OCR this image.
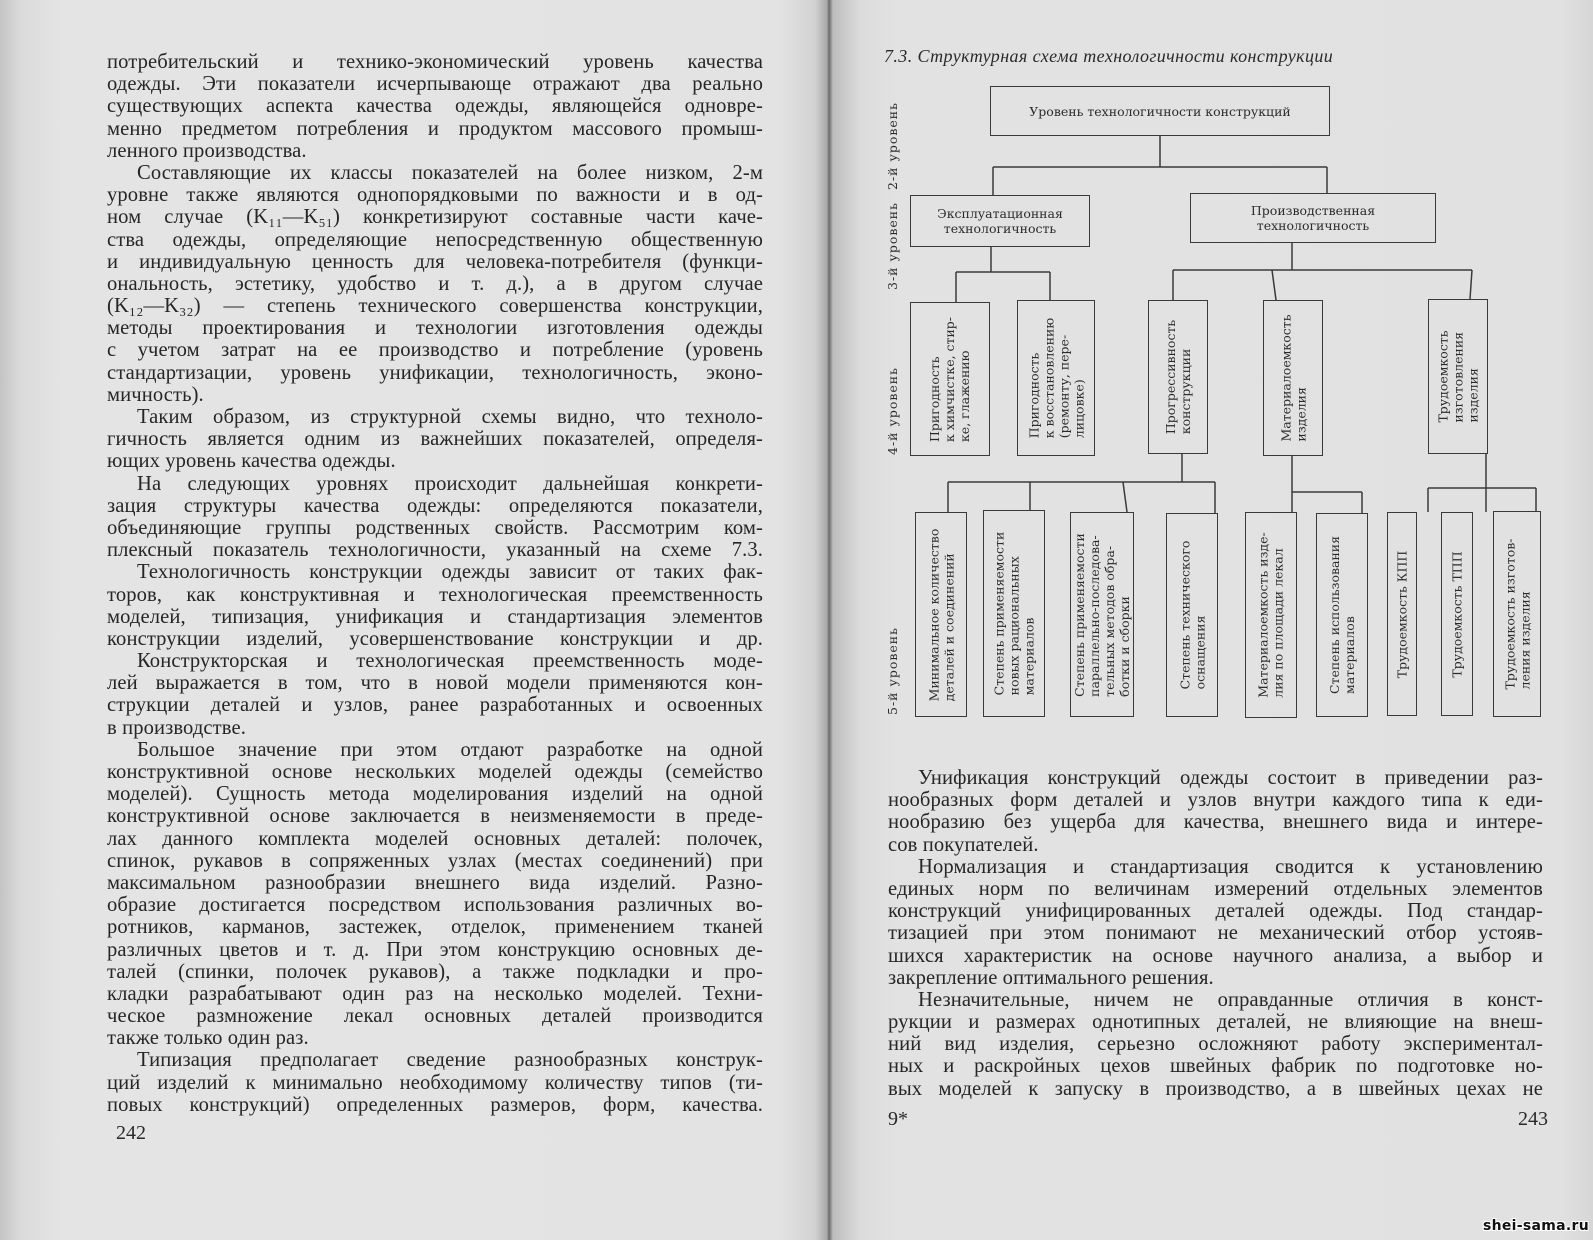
потребительский и технико-экономический уровень качества
одежды. Эти показатели исчерпывающе отражают два реально
существующих аспекта качества одежды, являющейся одновре-
менно предметом потребления и продуктом массового промыш-
ленного производства.
Составляющие их классы показателей на более низком, 2-м
уровне также являются однопорядковыми по важности и в од-
ном случае (K₁₁—K₅₁) конкретизируют составные части каче-
ства одежды, определяющие непосредственную общественную
и индивидуальную ценность для человека-потребителя (функци-
ональность, эстетику, удобство и т. д.), а в другом случае
(K₁₂—K₃₂) — степень технического совершенства конструкции,
методы проектирования и технологии изготовления одежды
с учетом затрат на ее производство и потребление (уровень
стандартизации, уровень унификации, технологичность, эконо-
мичность).
Таким образом, из структурной схемы видно, что техноло-
гичность является одним из важнейших показателей, определя-
ющих уровень качества одежды.
На следующих уровнях происходит дальнейшая конкрети-
зация структуры качества одежды: определяются показатели,
объединяющие группы родственных свойств. Рассмотрим ком-
плексный показатель технологичности, указанный на схеме 7.3.
Технологичность конструкции одежды зависит от таких фак-
торов, как конструктивная и технологическая преемственность
моделей, типизация, унификация и стандартизация элементов
конструкции изделий, усовершенствование конструкции и др.
Конструкторская и технологическая преемственность моде-
лей выражается в том, что в новой модели применяются кон-
струкции деталей и узлов, ранее разработанных и освоенных
в производстве.
Большое значение при этом отдают разработке на одной
конструктивной основе нескольких моделей одежды (семейство
моделей). Сущность метода моделирования изделий на одной
конструктивной основе заключается в неизменяемости в преде-
лах данного комплекта моделей основных деталей: полочек,
спинок, рукавов в сопряженных узлах (местах соединений) при
максимальном разнообразии внешнего вида изделий. Разно-
образие достигается посредством использования различных во-
ротников, карманов, застежек, отделок, применением тканей
различных цветов и т. д. При этом конструкцию основных де-
талей (спинки, полочек рукавов), а также подкладки и про-
кладки разрабатывают один раз на несколько моделей. Техни-
ческое размножение лекал основных деталей производится
также только один раз.
Типизация предполагает сведение разнообразных конструк-
ций изделий к минимально необходимому количеству типов (ти-
повых конструкций) определенных размеров, форм, качества.
242
7.3. Структурная схема технологичности конструкции
2-й уровень
3-й уровень
4-й уровень
5-й уровень
Уровень технологичности конструкций
Эксплуатационная
технологичность
Производственная
технологичность
Пригодность к химчистке, стир- ке, глажению	Пригодность к восстановлению (ремонту, пере- лицовке)	Прогрессивность конструкции	Материалоемкость изделия	Трудоемкость изготовления изделия
Минимальное количество деталей и соединений	Степень применяемости новых рациональных материалов	Степень применяемости параллельно-последова- тельных методов обра- ботки и сборки	Степень технического оснащения	Материалоемкость изде- лия по площади лекал	Степень использования материалов	Трудоемкость КПП	Трудоемкость ТПП	Трудоемкость изготов- ления изделия
Унификация конструкций одежды состоит в приведении раз-
нообразных форм деталей и узлов внутри каждого типа к еди-
нообразию без ущерба для качества, внешнего вида и интере-
сов покупателей.
Нормализация и стандартизация сводится к установлению
единых норм по величинам измерений отдельных элементов
конструкций унифицированных деталей одежды. Под стандар-
тизацией при этом понимают не механический отбор устояв-
шихся характеристик на основе научного анализа, а выбор и
закрепление оптимального решения.
Незначительные, ничем не оправданные отличия в конст-
рукции и размерах однотипных деталей, не влияющие на внеш-
ний вид изделия, серьезно осложняют работу экспериментал-
ных и раскройных цехов швейных фабрик по подготовке но-
вых моделей к запуску в производство, а в швейных цехах не
9*	243
shei-sama.ru
